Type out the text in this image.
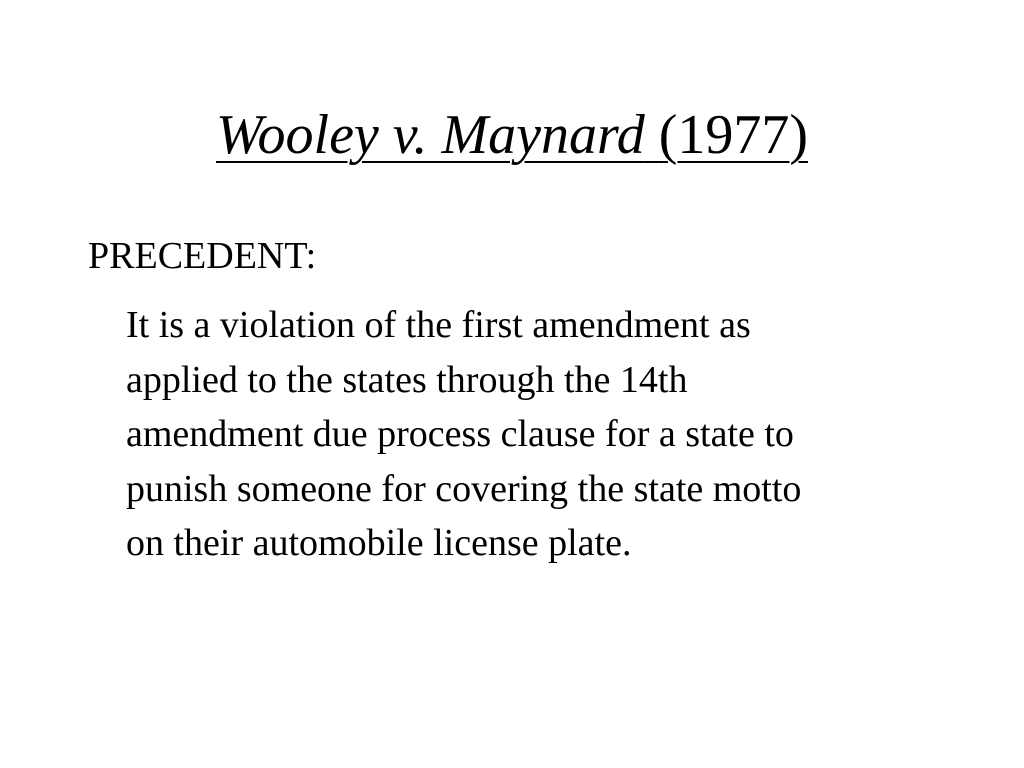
Wooley v. Maynard (1977)
PRECEDENT:

It is a violation of the first amendment as
applied to the states through the 14th
amendment due process clause for a state to
punish someone for covering the state motto
on their automobile license plate.
